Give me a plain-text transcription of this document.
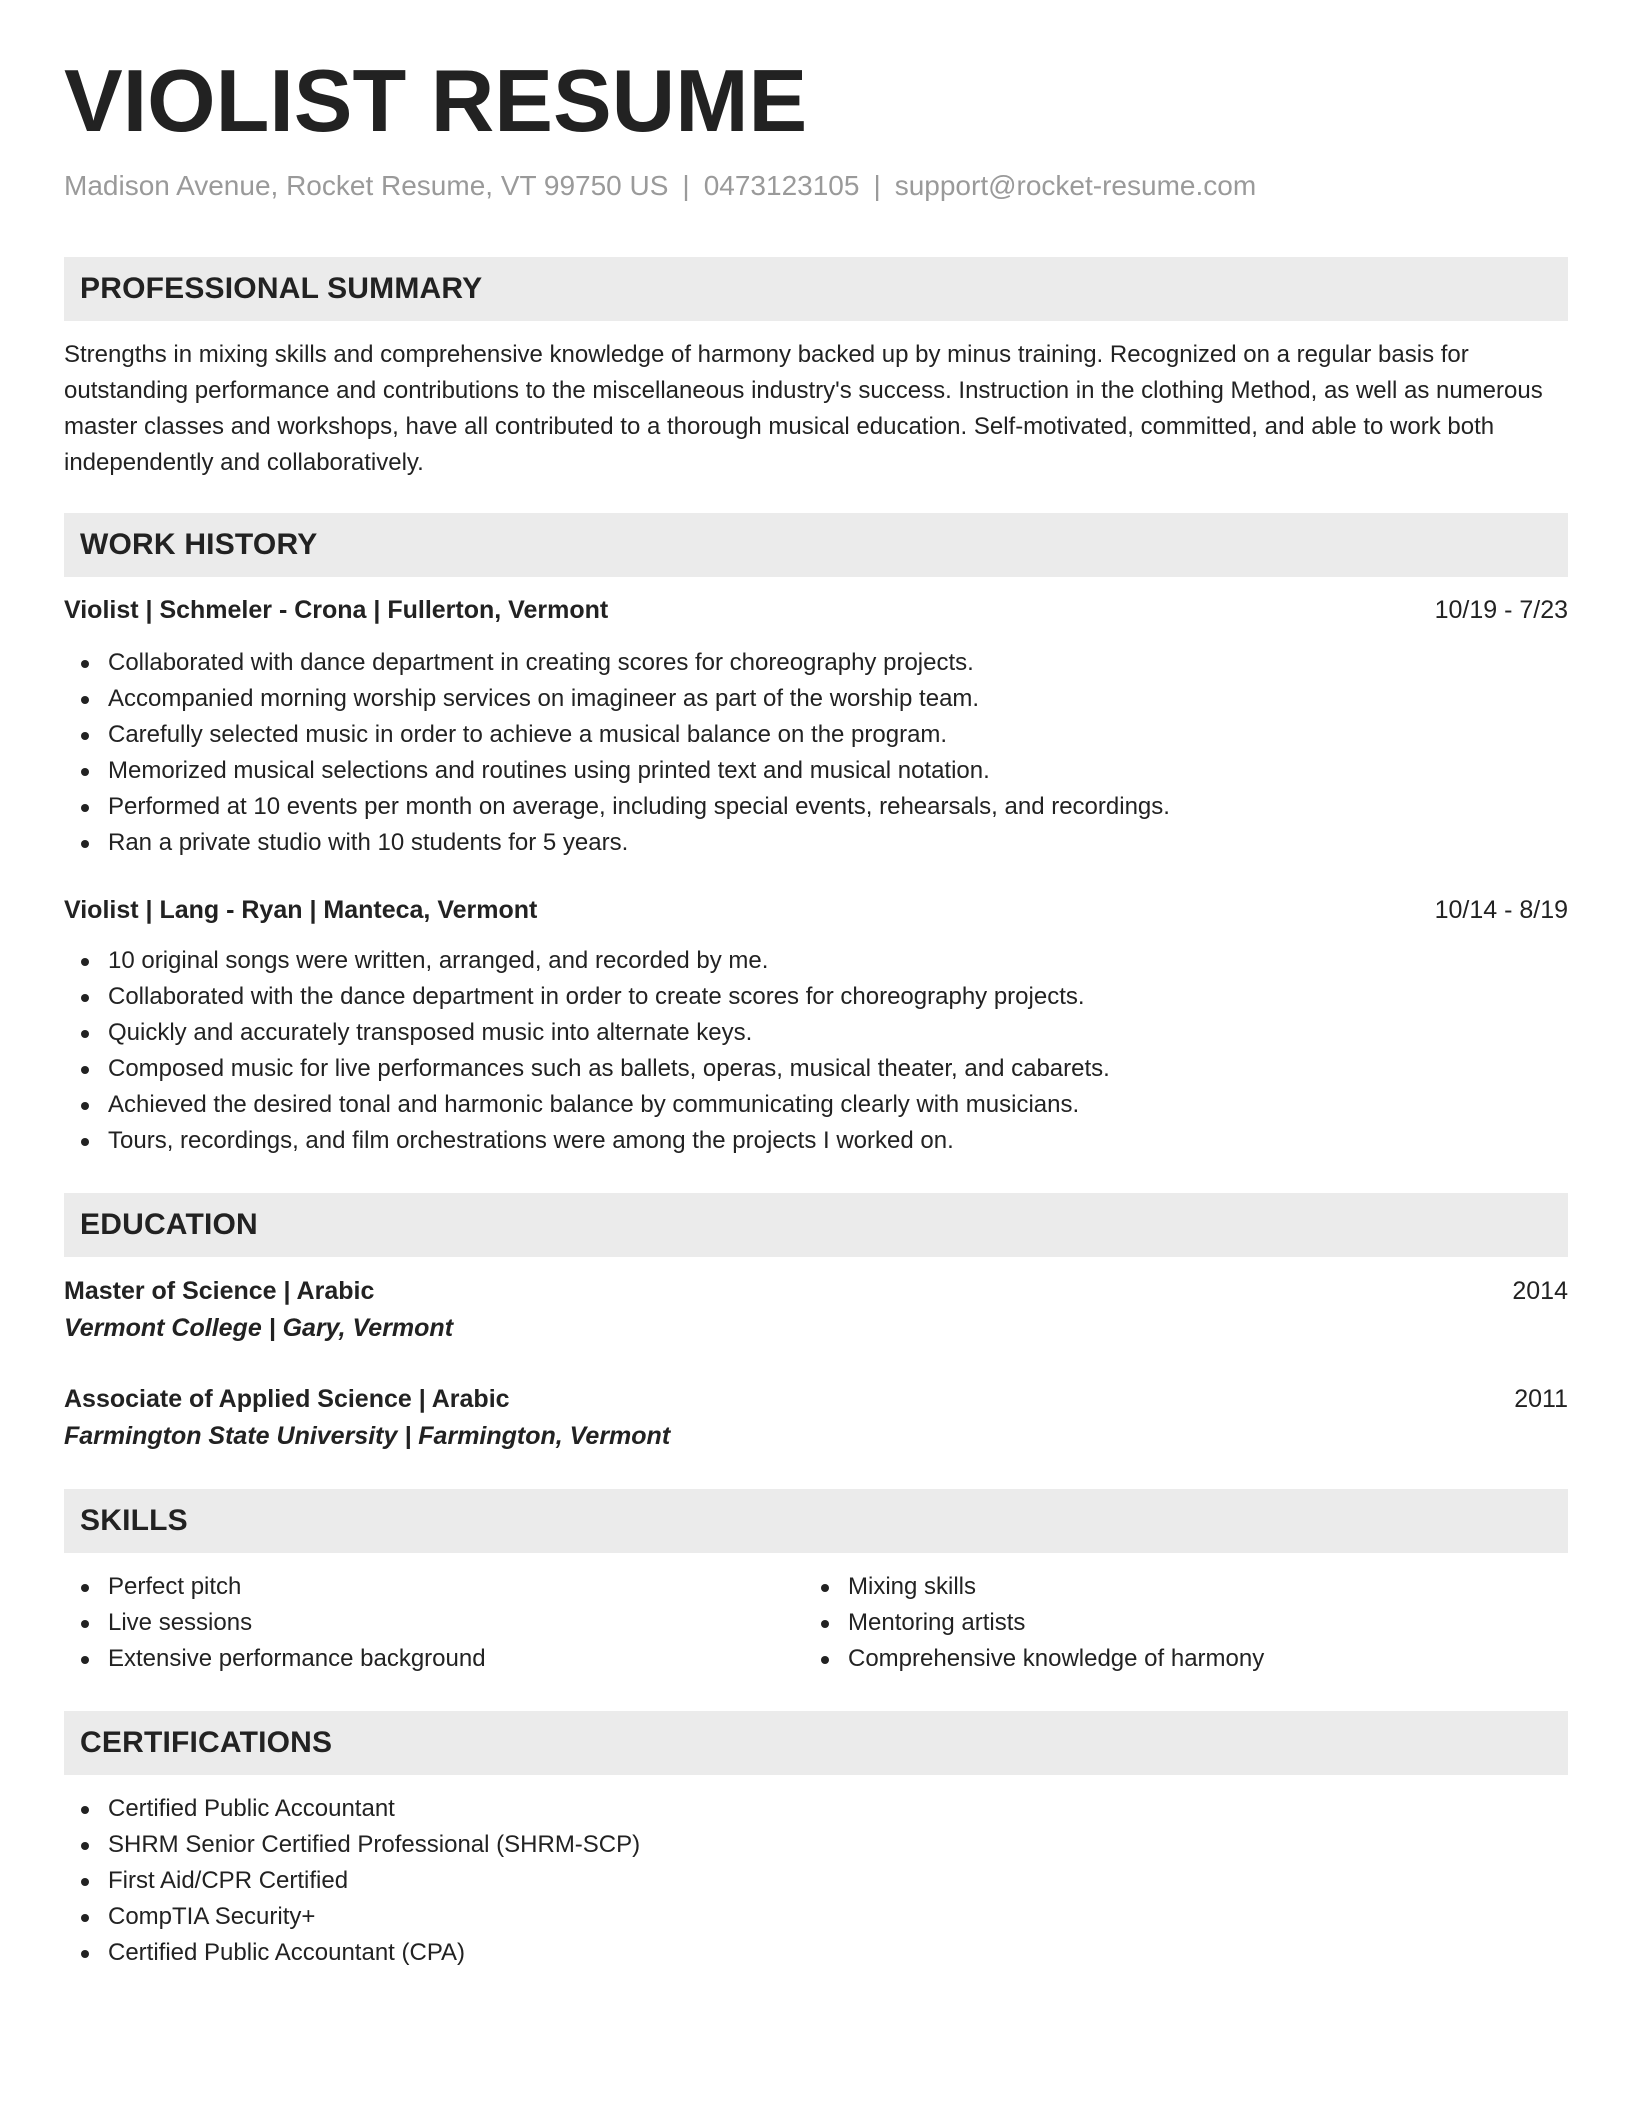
VIOLIST RESUME
Madison Avenue, Rocket Resume, VT 99750 US | 0473123105 | support@rocket-resume.com
PROFESSIONAL SUMMARY
Strengths in mixing skills and comprehensive knowledge of harmony backed up by minus training. Recognized on a regular basis for outstanding performance and contributions to the miscellaneous industry's success. Instruction in the clothing Method, as well as numerous master classes and workshops, have all contributed to a thorough musical education. Self-motivated, committed, and able to work both independently and collaboratively.
WORK HISTORY
Violist | Schmeler - Crona | Fullerton, Vermont	10/19 - 7/23
Collaborated with dance department in creating scores for choreography projects.
Accompanied morning worship services on imagineer as part of the worship team.
Carefully selected music in order to achieve a musical balance on the program.
Memorized musical selections and routines using printed text and musical notation.
Performed at 10 events per month on average, including special events, rehearsals, and recordings.
Ran a private studio with 10 students for 5 years.
Violist | Lang - Ryan | Manteca, Vermont	10/14 - 8/19
10 original songs were written, arranged, and recorded by me.
Collaborated with the dance department in order to create scores for choreography projects.
Quickly and accurately transposed music into alternate keys.
Composed music for live performances such as ballets, operas, musical theater, and cabarets.
Achieved the desired tonal and harmonic balance by communicating clearly with musicians.
Tours, recordings, and film orchestrations were among the projects I worked on.
EDUCATION
Master of Science | Arabic	2014
Vermont College | Gary, Vermont
Associate of Applied Science | Arabic	2011
Farmington State University | Farmington, Vermont
SKILLS
Perfect pitch
Live sessions
Extensive performance background
Mixing skills
Mentoring artists
Comprehensive knowledge of harmony
CERTIFICATIONS
Certified Public Accountant
SHRM Senior Certified Professional (SHRM-SCP)
First Aid/CPR Certified
CompTIA Security+
Certified Public Accountant (CPA)
